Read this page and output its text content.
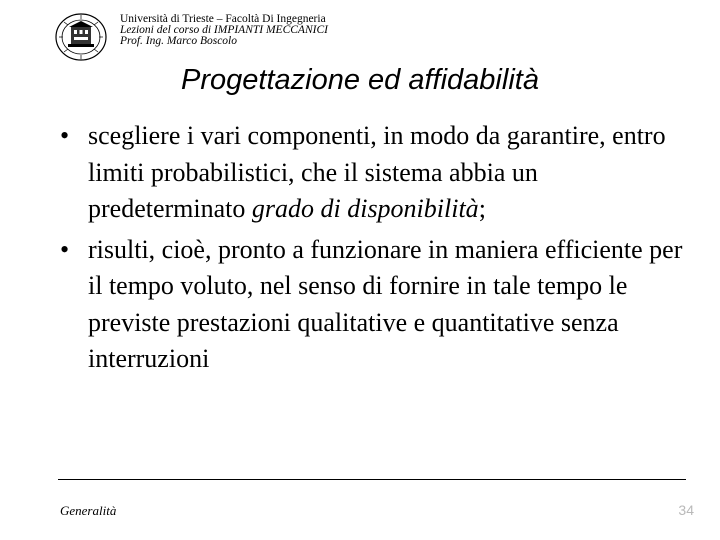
Università di Trieste – Facoltà Di Ingegneria
Lezioni del corso di IMPIANTI MECCANICI
Prof. Ing. Marco Boscolo
Progettazione ed affidabilità
• scegliere i vari componenti, in modo da garantire, entro limiti probabilistici, che il sistema abbia un predeterminato grado di disponibilità;
• risulti, cioè, pronto a funzionare in maniera efficiente per il tempo voluto, nel senso di fornire in tale tempo le previste prestazioni qualitative e quantitative senza interruzioni
Generalità	34
